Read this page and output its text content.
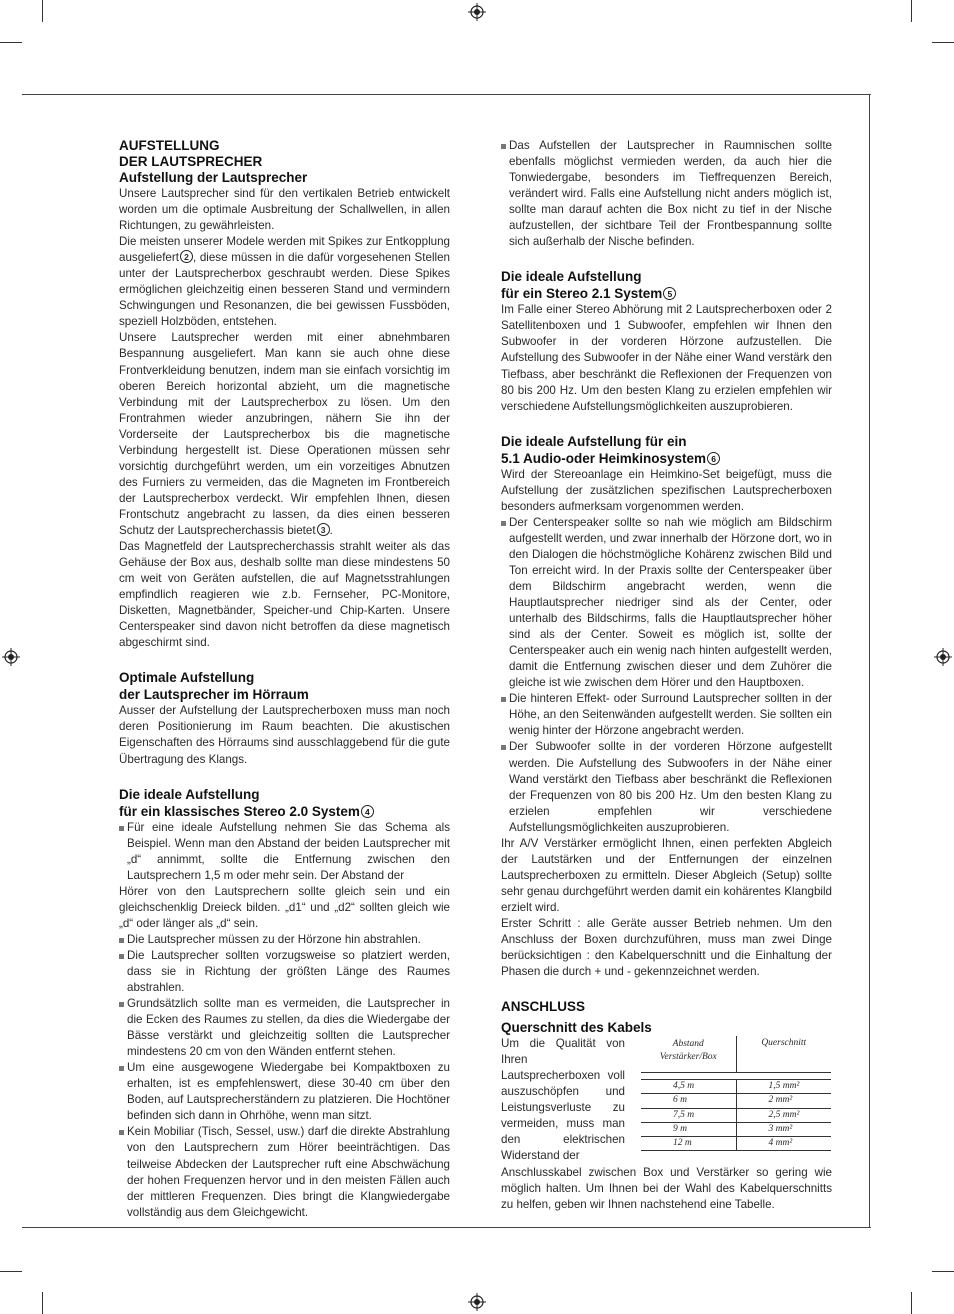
AUFSTELLUNG
DER LAUTSPRECHER
Aufstellung der Lautsprecher

Unsere Lautsprecher sind für den vertikalen Betrieb entwickelt worden um die optimale Ausbreitung der Schallwellen, in allen Richtungen, zu gewährleisten.

Die meisten unserer Modele werden mit Spikes zur Entkopplung ausgeliefert 2 , diese müssen in die dafür vorgesehenen Stellen unter der Lautsprecherbox geschraubt werden. Diese Spikes ermöglichen gleichzeitig einen besseren Stand und vermindern Schwingungen und Resonanzen, die bei gewissen Fussböden, speziell Holzböden, entstehen.

Unsere Lautsprecher werden mit einer abnehmbaren Bespannung ausgeliefert. Man kann sie auch ohne diese Frontverkleidung benutzen, indem man sie einfach vorsichtig im oberen Bereich horizontal abzieht, um die magnetische Verbindung mit der Lautsprecherbox zu lösen. Um den Frontrahmen wieder anzubringen, nähern Sie ihn der Vorderseite der Lautsprecherbox bis die magnetische Verbindung hergestellt ist. Diese Operationen müssen sehr vorsichtig durchgeführt werden, um ein vorzeitiges Abnutzen des Furniers zu vermeiden, das die Magneten im Frontbereich der Lautsprecherbox verdeckt. Wir empfehlen Ihnen, diesen Frontschutz angebracht zu lassen, da dies einen besseren Schutz der Lautsprecherchassis bietet 3 .

Das Magnetfeld der Lautsprecherchassis strahlt weiter als das Gehäuse der Box aus, deshalb sollte man diese mindestens 50 cm weit von Geräten aufstellen, die auf Magnetsstrahlungen empfindlich reagieren wie z.b. Fernseher, PC-Monitore, Disketten, Magnetbänder, Speicher-und Chip-Karten. Unsere Centerspeaker sind davon nicht betroffen da diese magnetisch abgeschirmt sind.

Optimale Aufstellung
der Lautsprecher im Hörraum

Ausser der Aufstellung der Lautsprecherboxen muss man noch deren Positionierung im Raum beachten. Die akustischen Eigenschaften des Hörraums sind ausschlaggebend für die gute Übertragung des Klangs.

Die ideale Aufstellung
für ein klassisches Stereo 2.0 System 4

Für eine ideale Aufstellung nehmen Sie das Schema als Beispiel. Wenn man den Abstand der beiden Lautsprecher mit „d“ annimmt, sollte die Entfernung zwischen den Lautsprechern 1,5 m oder mehr sein. Der Abstand der

Hörer von den Lautsprechern sollte gleich sein und ein gleichschenklig Dreieck bilden. „d1“ und „d2“ sollten gleich wie „d“ oder länger als „d“ sein.

Die Lautsprecher müssen zu der Hörzone hin abstrahlen.

Die Lautsprecher sollten vorzugsweise so platziert werden, dass sie in Richtung der größten Länge des Raumes abstrahlen.

Grundsätzlich sollte man es vermeiden, die Lautsprecher in die Ecken des Raumes zu stellen, da dies die Wiedergabe der Bässe verstärkt und gleichzeitig sollten die Lautsprecher mindestens 20 cm von den Wänden entfernt stehen.

Um eine ausgewogene Wiedergabe bei Kompaktboxen zu erhalten, ist es empfehlenswert, diese 30-40 cm über den Boden, auf Lautsprecherständern zu platzieren. Die Hochtöner befinden sich dann in Ohrhöhe, wenn man sitzt.

Kein Mobiliar (Tisch, Sessel, usw.) darf die direkte Abstrahlung von den Lautsprechern zum Hörer beeinträchtigen. Das teilweise Abdecken der Lautsprecher ruft eine Abschwächung der hohen Frequenzen hervor und in den meisten Fällen auch der mittleren Frequenzen. Dies bringt die Klangwiedergabe vollständig aus dem Gleichgewicht.

Das Aufstellen der Lautsprecher in Raumnischen sollte ebenfalls möglichst vermieden werden, da auch hier die Tonwiedergabe, besonders im Tieffrequenzen Bereich, verändert wird. Falls eine Aufstellung nicht anders möglich ist, sollte man darauf achten die Box nicht zu tief in der Nische aufzustellen, der sichtbare Teil der Frontbespannung sollte sich außerhalb der Nische befinden.

Die ideale Aufstellung
für ein Stereo 2.1 System 5

Im Falle einer Stereo Abhörung mit 2 Lautsprecherboxen oder 2 Satellitenboxen und 1 Subwoofer, empfehlen wir Ihnen den Subwoofer in der vorderen Hörzone aufzustellen. Die Aufstellung des Subwoofer in der Nähe einer Wand verstärk den Tiefbass, aber beschränkt die Reflexionen der Frequenzen von 80 bis 200 Hz. Um den besten Klang zu erzielen empfehlen wir verschiedene Aufstellungsmöglichkeiten auszuprobieren.

Die ideale Aufstellung für ein
5.1 Audio-oder Heimkinosystem 6

Wird der Stereoanlage ein Heimkino-Set beigefügt, muss die Aufstellung der zusätzlichen spezifischen Lautsprecherboxen besonders aufmerksam vorgenommen werden.

Der Centerspeaker sollte so nah wie möglich am Bildschirm aufgestellt werden, und zwar innerhalb der Hörzone dort, wo in den Dialogen die höchstmögliche Kohärenz zwischen Bild und Ton erreicht wird. In der Praxis sollte der Centerspeaker über dem Bildschirm angebracht werden, wenn die Hauptlautsprecher niedriger sind als der Center, oder unterhalb des Bildschirms, falls die Hauptlautsprecher höher sind als der Center. Soweit es möglich ist, sollte der Centerspeaker auch ein wenig nach hinten aufgestellt werden, damit die Entfernung zwischen dieser und dem Zuhörer die gleiche ist wie zwischen dem Hörer und den Hauptboxen.

Die hinteren Effekt- oder Surround Lautsprecher sollten in der Höhe, an den Seitenwänden aufgestellt werden. Sie sollten ein wenig hinter der Hörzone angebracht werden.

Der Subwoofer sollte in der vorderen Hörzone aufgestellt werden. Die Aufstellung des Subwoofers in der Nähe einer Wand verstärkt den Tiefbass aber beschränkt die Reflexionen der Frequenzen von 80 bis 200 Hz. Um den besten Klang zu erzielen empfehlen wir verschiedene Aufstellungsmöglichkeiten auszuprobieren.

Ihr A/V Verstärker ermöglicht Ihnen, einen perfekten Abgleich der Lautstärken und der Entfernungen der einzelnen Lautsprecherboxen zu ermitteln. Dieser Abgleich (Setup) sollte sehr genau durchgeführt werden damit ein kohärentes Klangbild erzielt wird.

Erster Schritt : alle Geräte ausser Betrieb nehmen. Um den Anschluss der Boxen durchzuführen, muss man zwei Dinge berücksichtigen : den Kabelquerschnitt und die Einhaltung der Phasen die durch + und - gekennzeichnet werden.

ANSCHLUSS
Querschnitt des Kabels

Um die Qualität von Ihren Lautsprecherboxen voll auszuschöpfen und Leistungsverluste zu vermeiden, muss man den elektrischen Widerstand der

Abstand
Verstärker/Box
Querschnitt
4,5 m	1,5 mm²
6 m	2 mm²
7,5 m	2,5 mm²
9 m	3 mm²
12 m	4 mm²

Anschlusskabel zwischen Box und Verstärker so gering wie möglich halten. Um Ihnen bei der Wahl des Kabelquerschnitts zu helfen, geben wir Ihnen nachstehend eine Tabelle.
